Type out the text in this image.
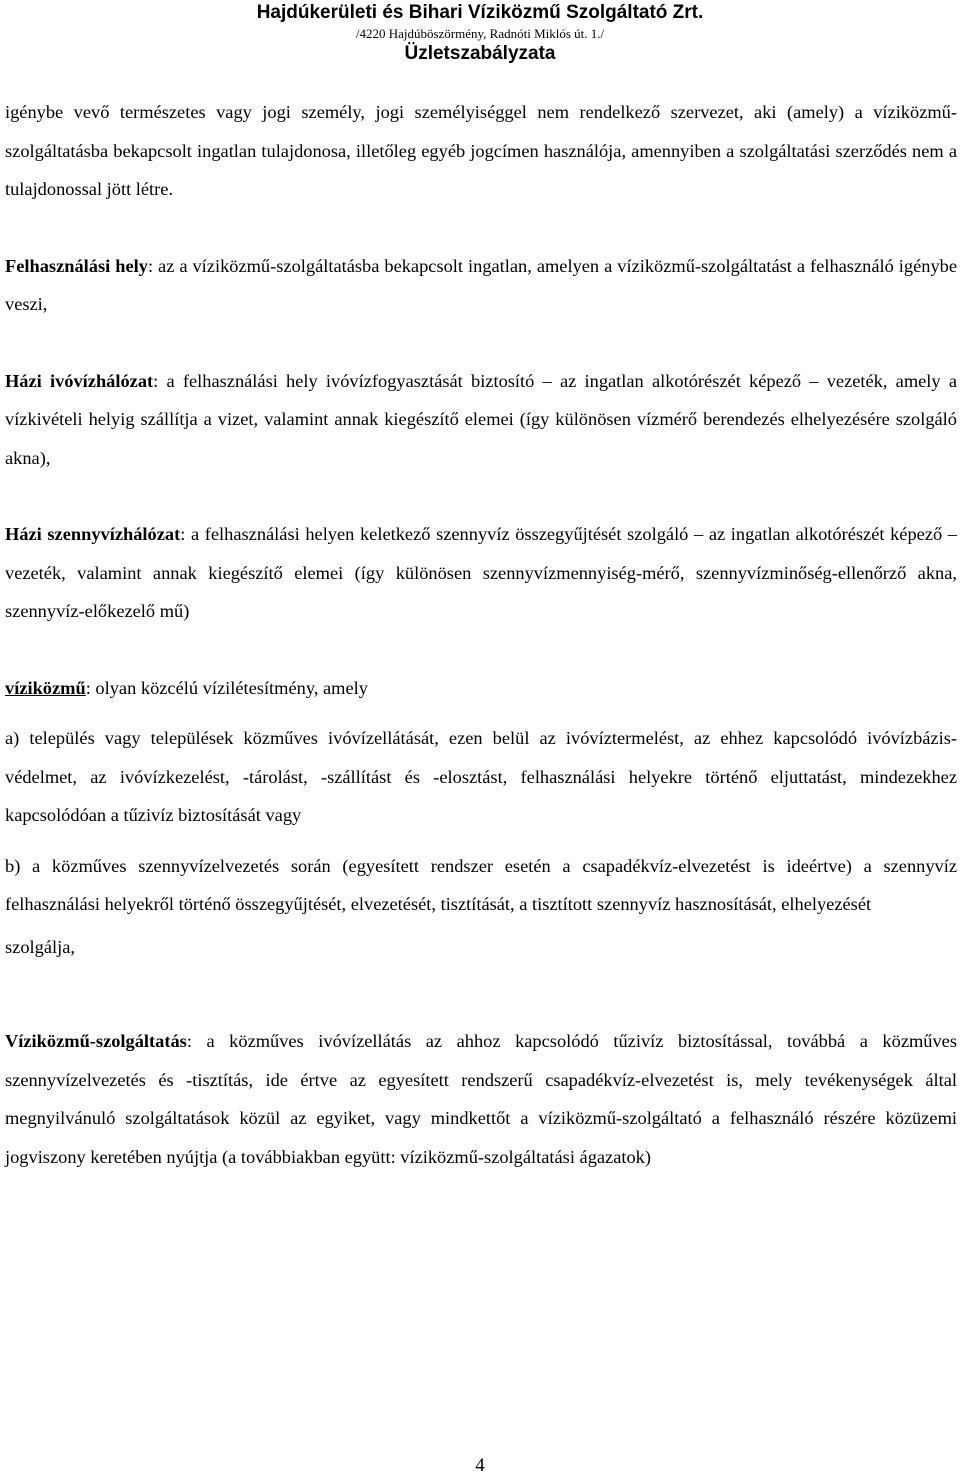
Hajdúkerületi és Bihari Víziközmű Szolgáltató Zrt.
/4220 Hajdúböszörmény, Radnóti Miklós út. 1./
Üzletszabályzata

igénybe vevő természetes vagy jogi személy, jogi személyiséggel nem rendelkező szervezet, aki (amely) a víziközmű-szolgáltatásba bekapcsolt ingatlan tulajdonosa, illetőleg egyéb jogcímen használója, amennyiben a szolgáltatási szerződés nem a tulajdonossal jött létre.

Felhasználási hely: az a víziközmű-szolgáltatásba bekapcsolt ingatlan, amelyen a víziközmű-szolgáltatást a felhasználó igénybe veszi,

Házi ivóvízhálózat: a felhasználási hely ivóvízfogyasztását biztosító – az ingatlan alkotórészét képező – vezeték, amely a vízkivételi helyig szállítja a vizet, valamint annak kiegészítő elemei (így különösen vízmérő berendezés elhelyezésére szolgáló akna),

Házi szennyvízhálózat: a felhasználási helyen keletkező szennyvíz összegyűjtését szolgáló – az ingatlan alkotórészét képező – vezeték, valamint annak kiegészítő elemei (így különösen szennyvízmennyiség-mérő, szennyvízminőség-ellenőrző akna, szennyvíz-előkezelő mű)

víziközmű: olyan közcélú vízilétesítmény, amely

a) település vagy települések közműves ivóvízellátását, ezen belül az ivóvíztermelést, az ehhez kapcsolódó ivóvízbázis-védelmet, az ivóvízkezelést, -tárolást, -szállítást és -elosztást, felhasználási helyekre történő eljuttatást, mindezekhez kapcsolódóan a tűzivíz biztosítását vagy

b) a közműves szennyvízelvezetés során (egyesített rendszer esetén a csapadékvíz-elvezetést is ideértve) a szennyvíz felhasználási helyekről történő összegyűjtését, elvezetését, tisztítását, a tisztított szennyvíz hasznosítását, elhelyezését

szolgálja,

Víziközmű-szolgáltatás: a közműves ivóvízellátás az ahhoz kapcsolódó tűzivíz biztosítással, továbbá a közműves szennyvízelvezetés és -tisztítás, ide értve az egyesített rendszerű csapadékvíz-elvezetést is, mely tevékenységek által megnyilvánuló szolgáltatások közül az egyiket, vagy mindkettőt a víziközmű-szolgáltató a felhasználó részére közüzemi jogviszony keretében nyújtja (a továbbiakban együtt: víziközmű-szolgáltatási ágazatok)

4
